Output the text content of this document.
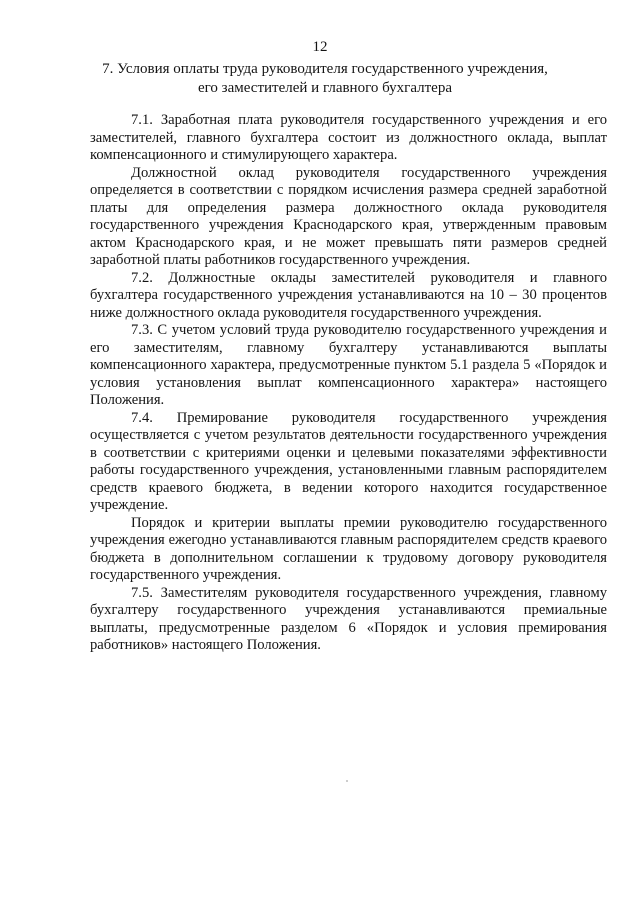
12
7. Условия оплаты труда руководителя государственного учреждения, его заместителей и главного бухгалтера

7.1. Заработная плата руководителя государственного учреждения и его заместителей, главного бухгалтера состоит из должностного оклада, выплат компенсационного и стимулирующего характера.

Должностной оклад руководителя государственного учреждения определяется в соответствии с порядком исчисления размера средней заработной платы для определения размера должностного оклада руководителя государственного учреждения Краснодарского края, утвержденным правовым актом Краснодарского края, и не может превышать пяти размеров средней заработной платы работников государственного учреждения.

7.2. Должностные оклады заместителей руководителя и главного бухгалтера государственного учреждения устанавливаются на 10 – 30 процентов ниже должностного оклада руководителя государственного учреждения.

7.3. С учетом условий труда руководителю государственного учреждения и его заместителям, главному бухгалтеру устанавливаются выплаты компенсационного характера, предусмотренные пунктом 5.1 раздела 5 «Порядок и условия установления выплат компенсационного характера» настоящего Положения.

7.4. Премирование руководителя государственного учреждения осуществляется с учетом результатов деятельности государственного учреждения в соответствии с критериями оценки и целевыми показателями эффективности работы государственного учреждения, установленными главным распорядителем средств краевого бюджета, в ведении которого находится государственное учреждение.

Порядок и критерии выплаты премии руководителю государственного учреждения ежегодно устанавливаются главным распорядителем средств краевого бюджета в дополнительном соглашении к трудовому договору руководителя государственного учреждения.

7.5. Заместителям руководителя государственного учреждения, главному бухгалтеру государственного учреждения устанавливаются премиальные выплаты, предусмотренные разделом 6 «Порядок и условия премирования работников» настоящего Положения.
